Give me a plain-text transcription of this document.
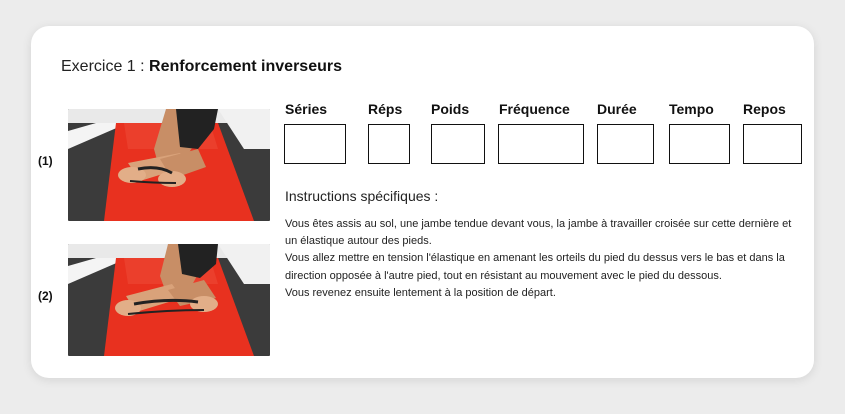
Exercice 1 : Renforcement inverseurs
(1)
(2)
Séries	Réps Poids Fréquence Durée Tempo Repos
Instructions spécifiques :

Vous êtes assis au sol, une jambe tendue devant vous, la jambe à travailler croisée sur cette dernière et un élastique autour des pieds.

Vous allez mettre en tension l'élastique en amenant les orteils du pied du dessus vers le bas et dans la direction opposée à l'autre pied, tout en résistant au mouvement avec le pied du dessous.

Vous revenez ensuite lentement à la position de départ.
